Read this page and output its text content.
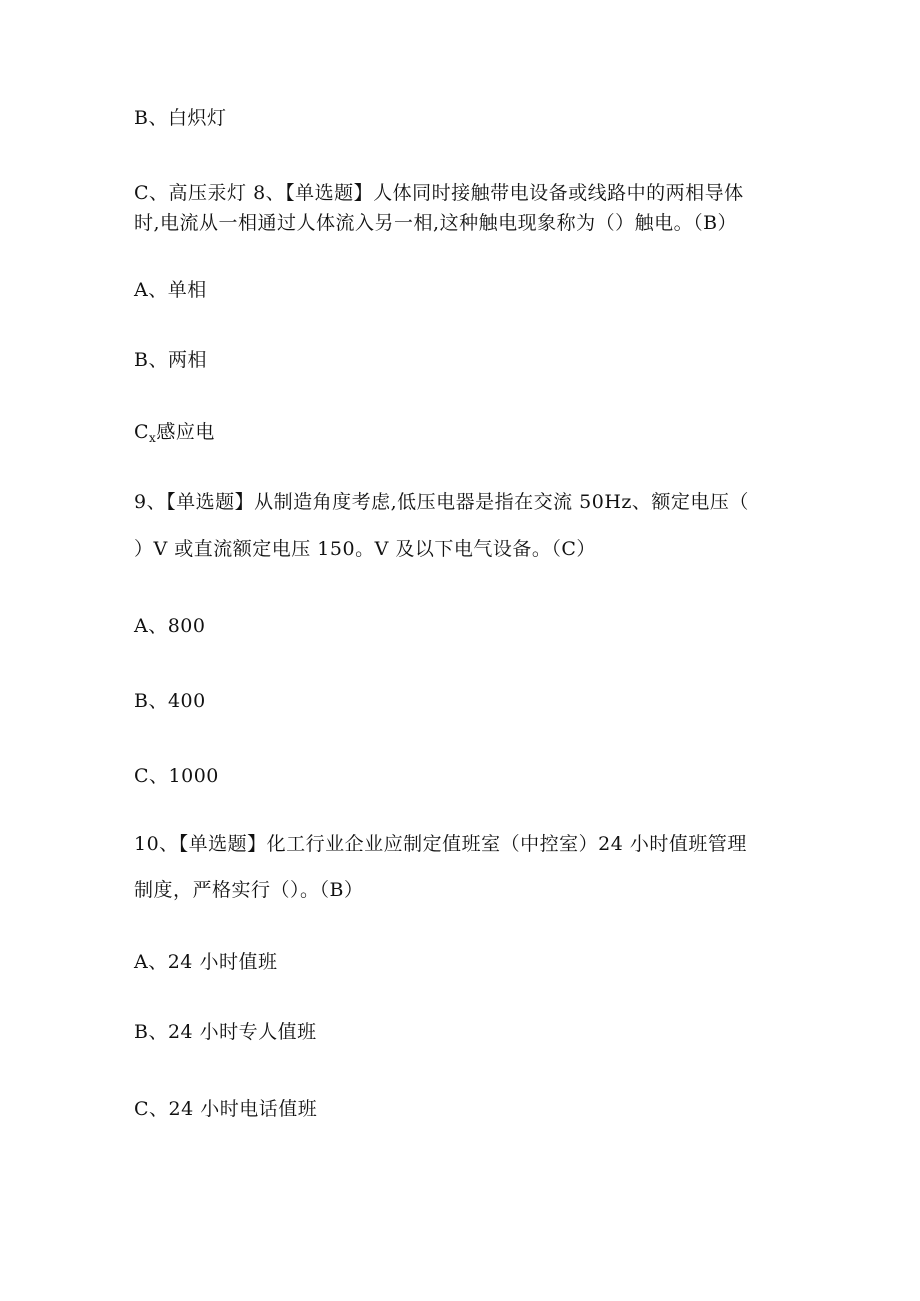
B、白炽灯
C、高压汞灯 8、【单选题】人体同时接触带电设备或线路中的两相导体
时,电流从一相通过人体流入另一相,这种触电现象称为（）触电。（B）
A、单相
B、两相
$C_x$感应电
9、【单选题】从制造角度考虑,低压电器是指在交流 50Hz、额定电压（
）V 或直流额定电压 150。V 及以下电气设备。（C）
A、800
B、400
C、1000
10、【单选题】化工行业企业应制定值班室（中控室）24 小时值班管理
制度，严格实行（）。（B）
A、24 小时值班
B、24 小时专人值班
C、24 小时电话值班
